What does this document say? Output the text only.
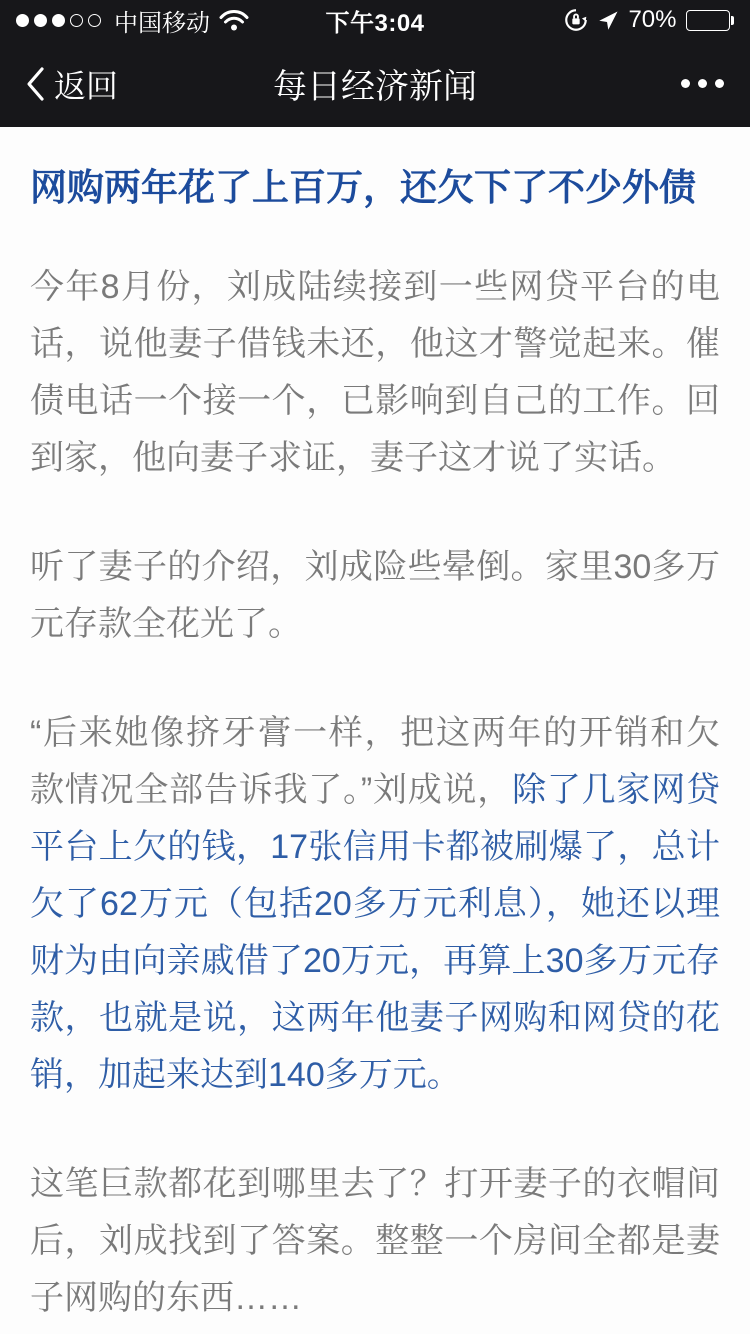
中国移动	下午3:04	70%
返回	每日经济新闻
网购两年花了上百万，还欠下了不少外债

今年8月份，刘成陆续接到一些网贷平台的电话，说他妻子借钱未还，他这才警觉起来。催债电话一个接一个，已影响到自己的工作。回到家，他向妻子求证，妻子这才说了实话。

听了妻子的介绍，刘成险些晕倒。家里30多万元存款全花光了。

“后来她像挤牙膏一样，把这两年的开销和欠款情况全部告诉我了。”刘成说，除了几家网贷平台上欠的钱，17张信用卡都被刷爆了，总计欠了62万元（包括20多万元利息），她还以理财为由向亲戚借了20万元，再算上30多万元存款，也就是说，这两年他妻子网购和网贷的花销，加起来达到140多万元。

这笔巨款都花到哪里去了？打开妻子的衣帽间后，刘成找到了答案。整整一个房间全都是妻子网购的东西……
